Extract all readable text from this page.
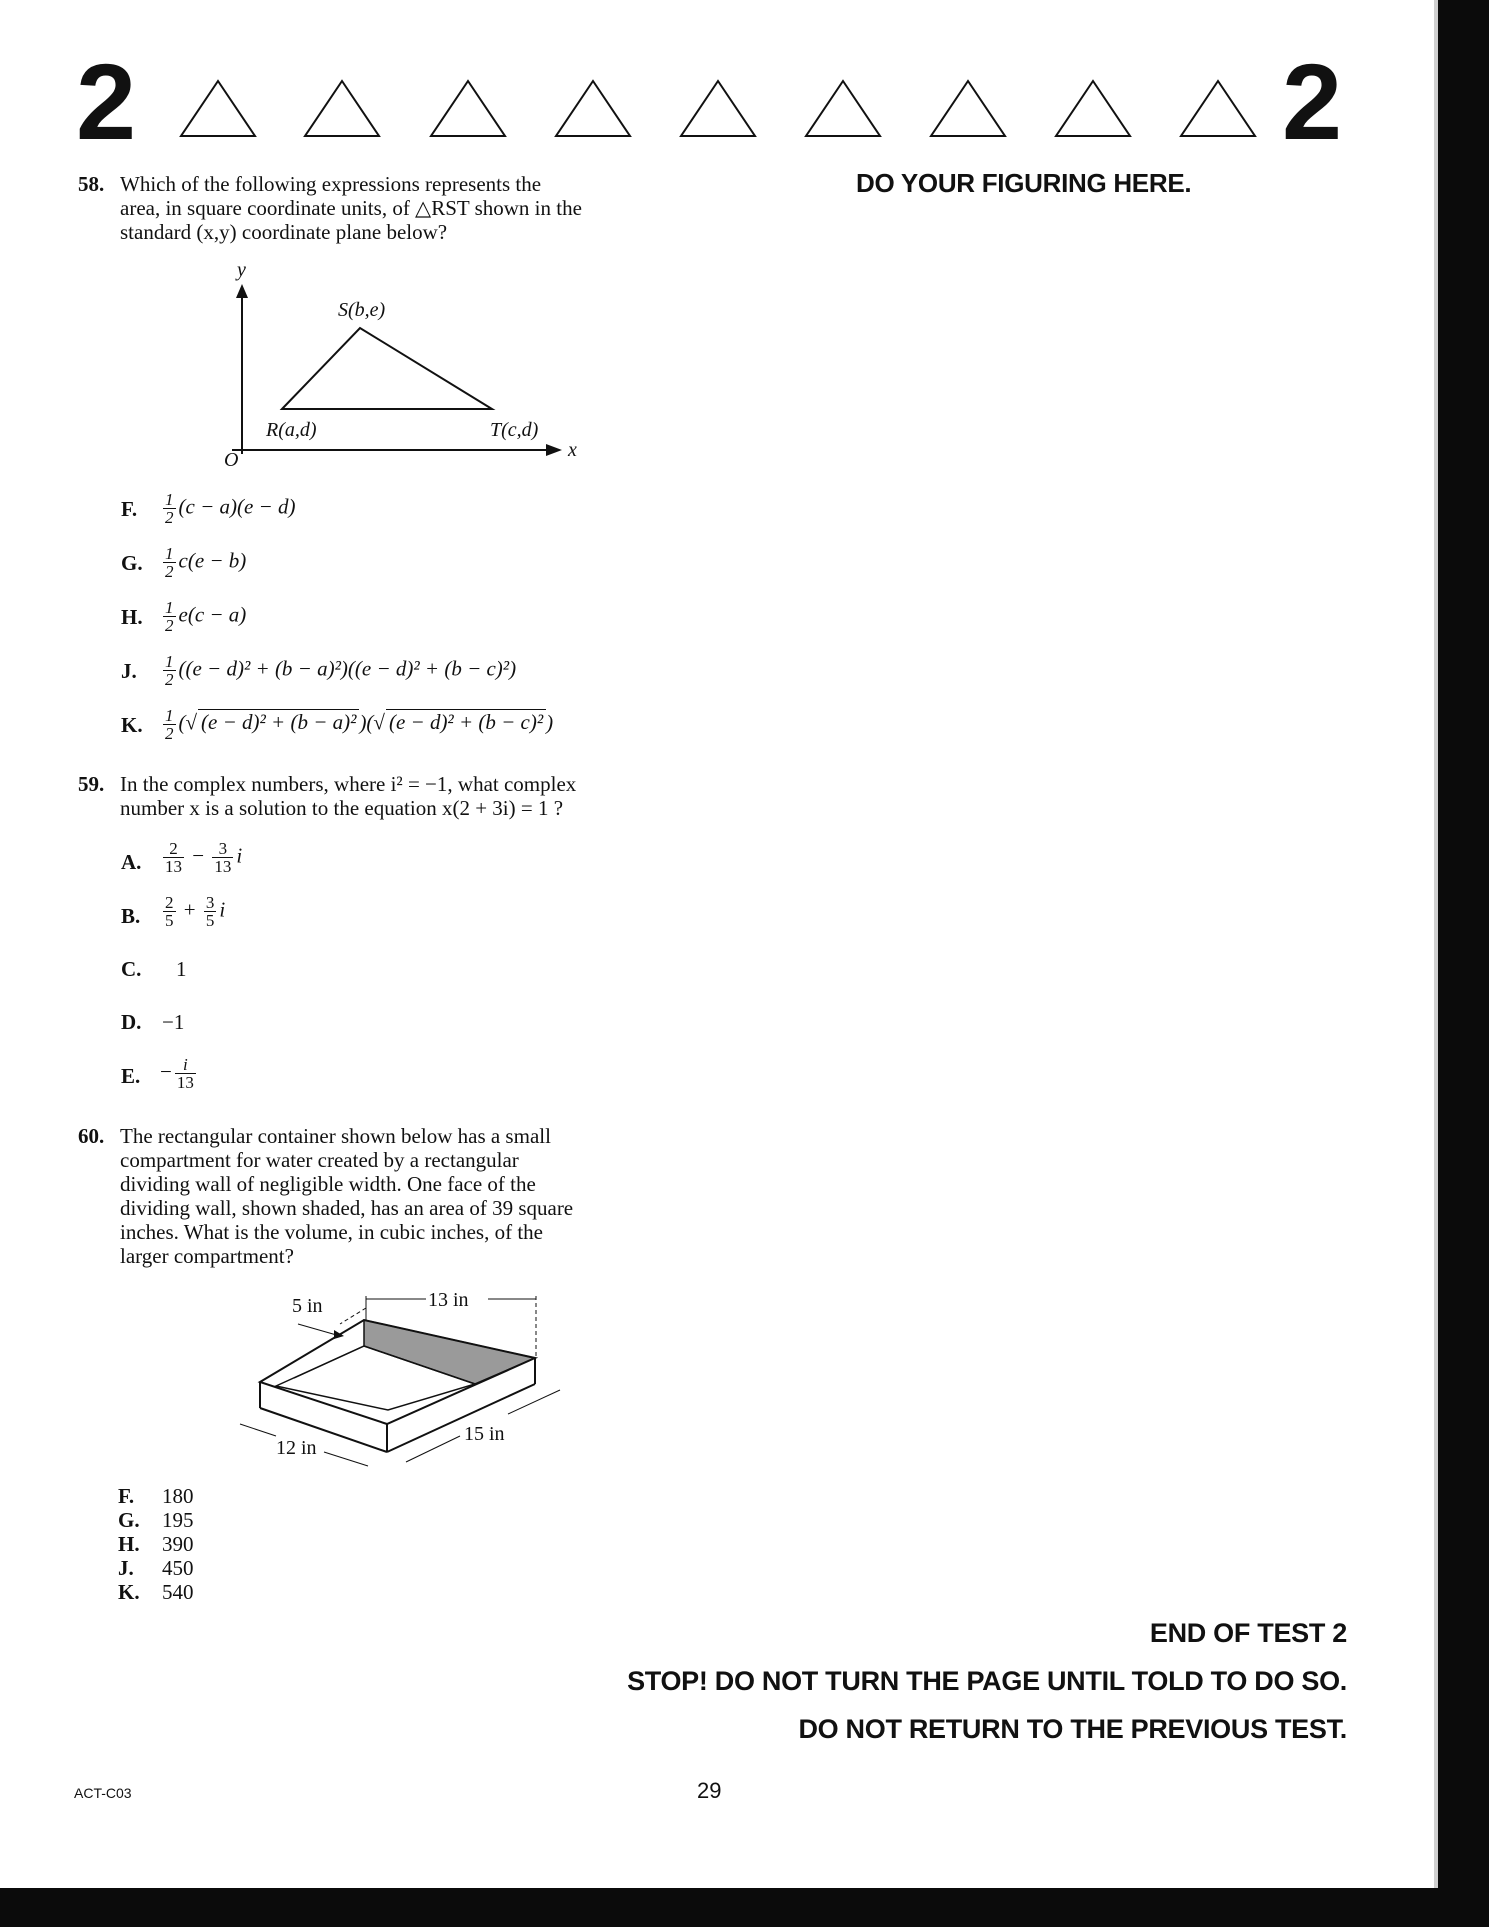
2	2
DO YOUR FIGURING HERE.
58. Which of the following expressions represents the
area, in square coordinate units, of △RST shown in the
standard (x,y) coordinate plane below?
y
x
O
S(b,e)
R(a,d)	T(c,d)
F. $\frac{1}{2} (c - a)(e - d)$
G. $\frac{1}{2} c(e - b)$
H. $\frac{1}{2} e(c - a)$
J. $\frac{1}{2} ((e - d)^2 + (b - a)^2)((e - d)^2 + (b - c)^2)$
K. $\frac{1}{2}$ (√ (e − d)² + (b − a)² )(√ (e − d)² + (b − c)² )
59. In the complex numbers, where i² = −1, what complex
number x is a solution to the equation x(2 + 3i) = 1 ?
A. $\frac{2}{13} - \frac{3}{13}$ i
B. $\frac{2}{5} + \frac{3}{5}$ i
C. 1
D. −1
E. − $\frac{i}{13}$
60. The rectangular container shown below has a small
compartment for water created by a rectangular
dividing wall of negligible width. One face of the
dividing wall, shown shaded, has an area of 39 square
inches. What is the volume, in cubic inches, of the
larger compartment?
5 in	13 in
12 in
15 in
F. 180
G. 195
H. 390
J. 450
K. 540
END OF TEST 2
STOP! DO NOT TURN THE PAGE UNTIL TOLD TO DO SO.
DO NOT RETURN TO THE PREVIOUS TEST.
ACT-C03	29
